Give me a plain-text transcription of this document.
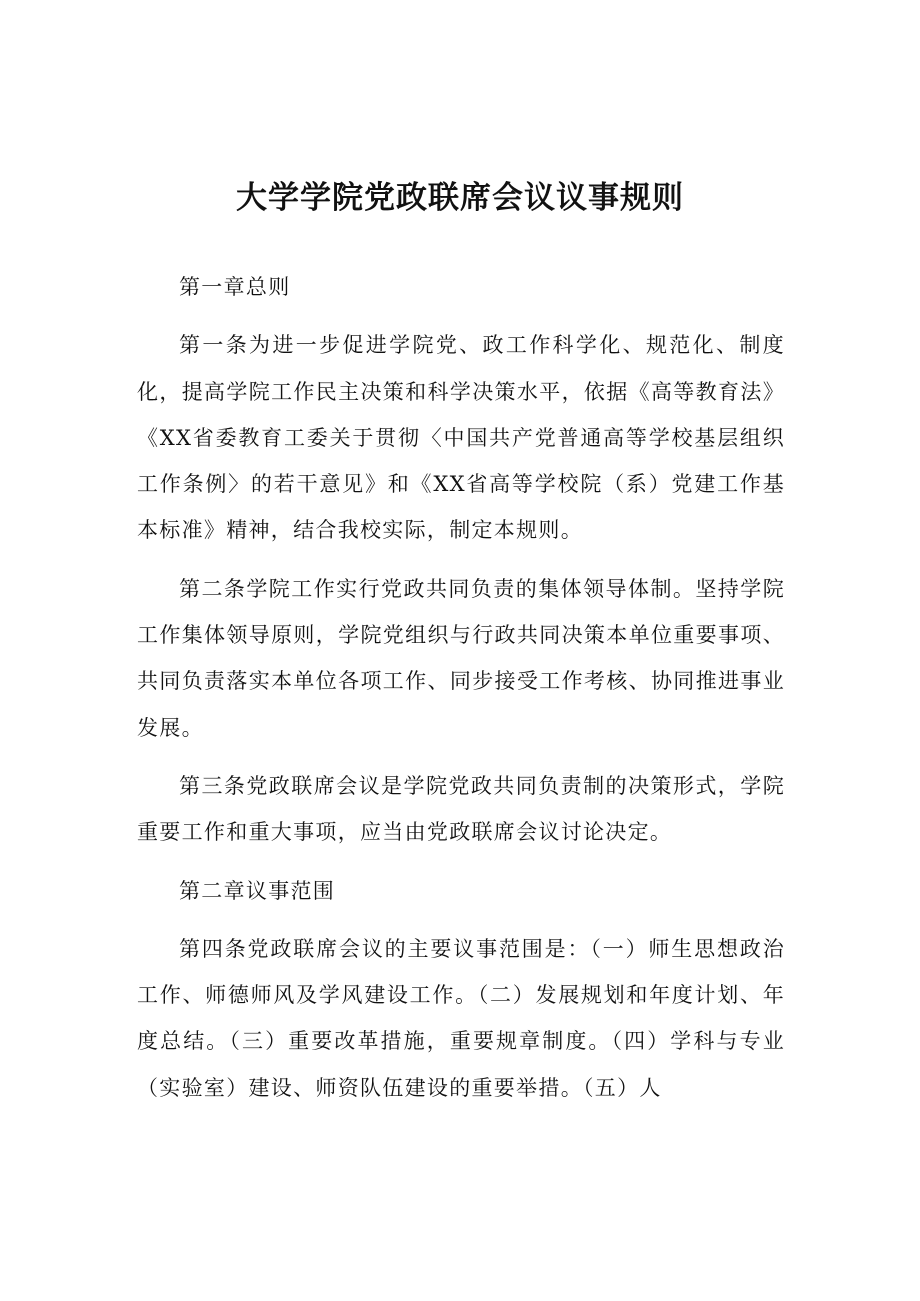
大学学院党政联席会议议事规则

第一章总则

第一条为进一步促进学院党、政工作科学化、规范化、制度化，提高学院工作民主决策和科学决策水平，依据《高等教育法》《XX省委教育工委关于贯彻〈中国共产党普通高等学校基层组织工作条例〉的若干意见》和《XX省高等学校院（系）党建工作基本标准》精神，结合我校实际，制定本规则。

第二条学院工作实行党政共同负责的集体领导体制。坚持学院工作集体领导原则，学院党组织与行政共同决策本单位重要事项、共同负责落实本单位各项工作、同步接受工作考核、协同推进事业发展。

第三条党政联席会议是学院党政共同负责制的决策形式，学院重要工作和重大事项，应当由党政联席会议讨论决定。

第二章议事范围

第四条党政联席会议的主要议事范围是：（一）师生思想政治工作、师德师风及学风建设工作。（二）发展规划和年度计划、年度总结。（三）重要改革措施，重要规章制度。（四）学科与专业（实验室）建设、师资队伍建设的重要举措。（五）人
